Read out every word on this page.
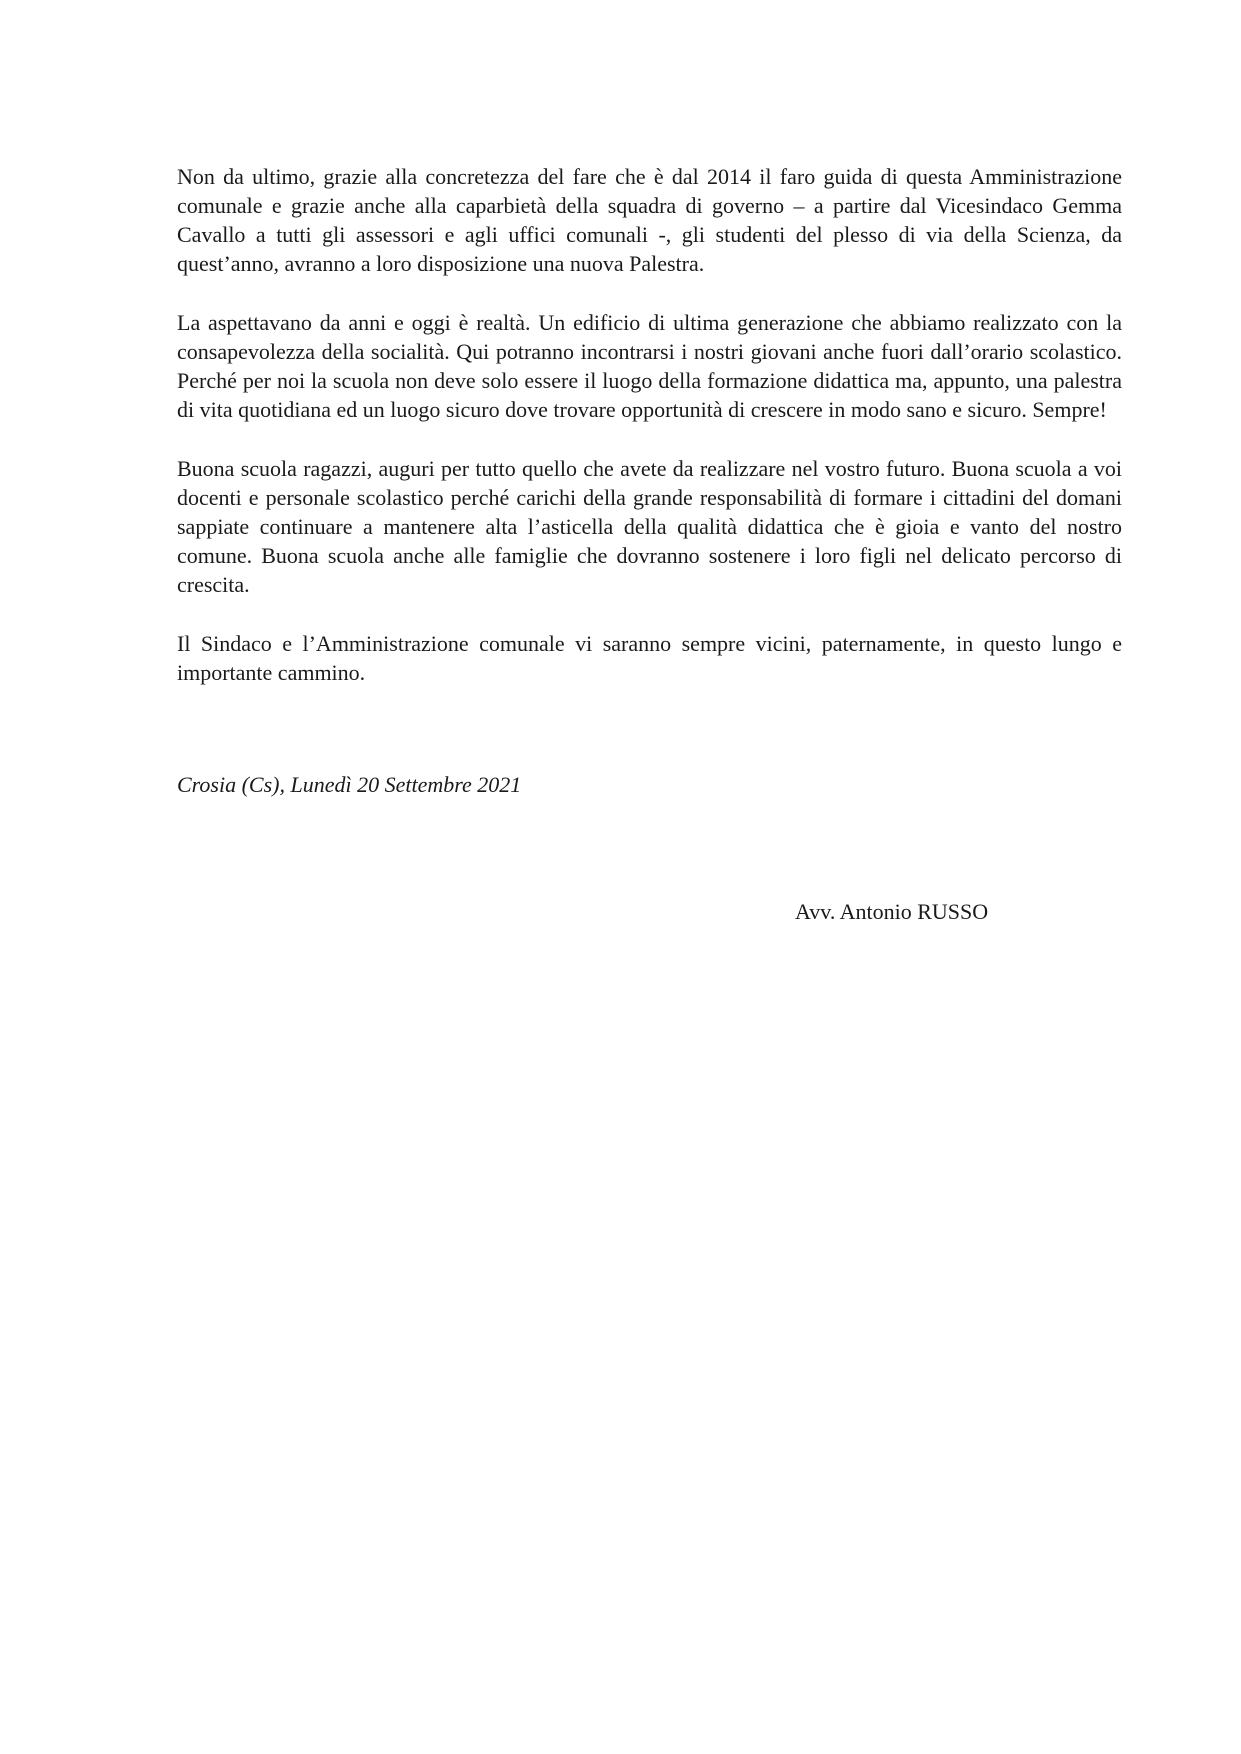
Non da ultimo, grazie alla concretezza del fare che è dal 2014 il faro guida di questa Amministrazione comunale e grazie anche alla caparbietà della squadra di governo – a partire dal Vicesindaco Gemma Cavallo a tutti gli assessori e agli uffici comunali -, gli studenti del plesso di via della Scienza, da quest’anno, avranno a loro disposizione una nuova Palestra.

La aspettavano da anni e oggi è realtà. Un edificio di ultima generazione che abbiamo realizzato con la consapevolezza della socialità. Qui potranno incontrarsi i nostri giovani anche fuori dall’orario scolastico. Perché per noi la scuola non deve solo essere il luogo della formazione didattica ma, appunto, una palestra di vita quotidiana ed un luogo sicuro dove trovare opportunità di crescere in modo sano e sicuro. Sempre!

Buona scuola ragazzi, auguri per tutto quello che avete da realizzare nel vostro futuro. Buona scuola a voi docenti e personale scolastico perché carichi della grande responsabilità di formare i cittadini del domani sappiate continuare a mantenere alta l’asticella della qualità didattica che è gioia e vanto del nostro comune. Buona scuola anche alle famiglie che dovranno sostenere i loro figli nel delicato percorso di crescita.

Il Sindaco e l’Amministrazione comunale vi saranno sempre vicini, paternamente, in questo lungo e importante cammino.

Crosia (Cs), Lunedì 20 Settembre 2021
Avv. Antonio RUSSO
